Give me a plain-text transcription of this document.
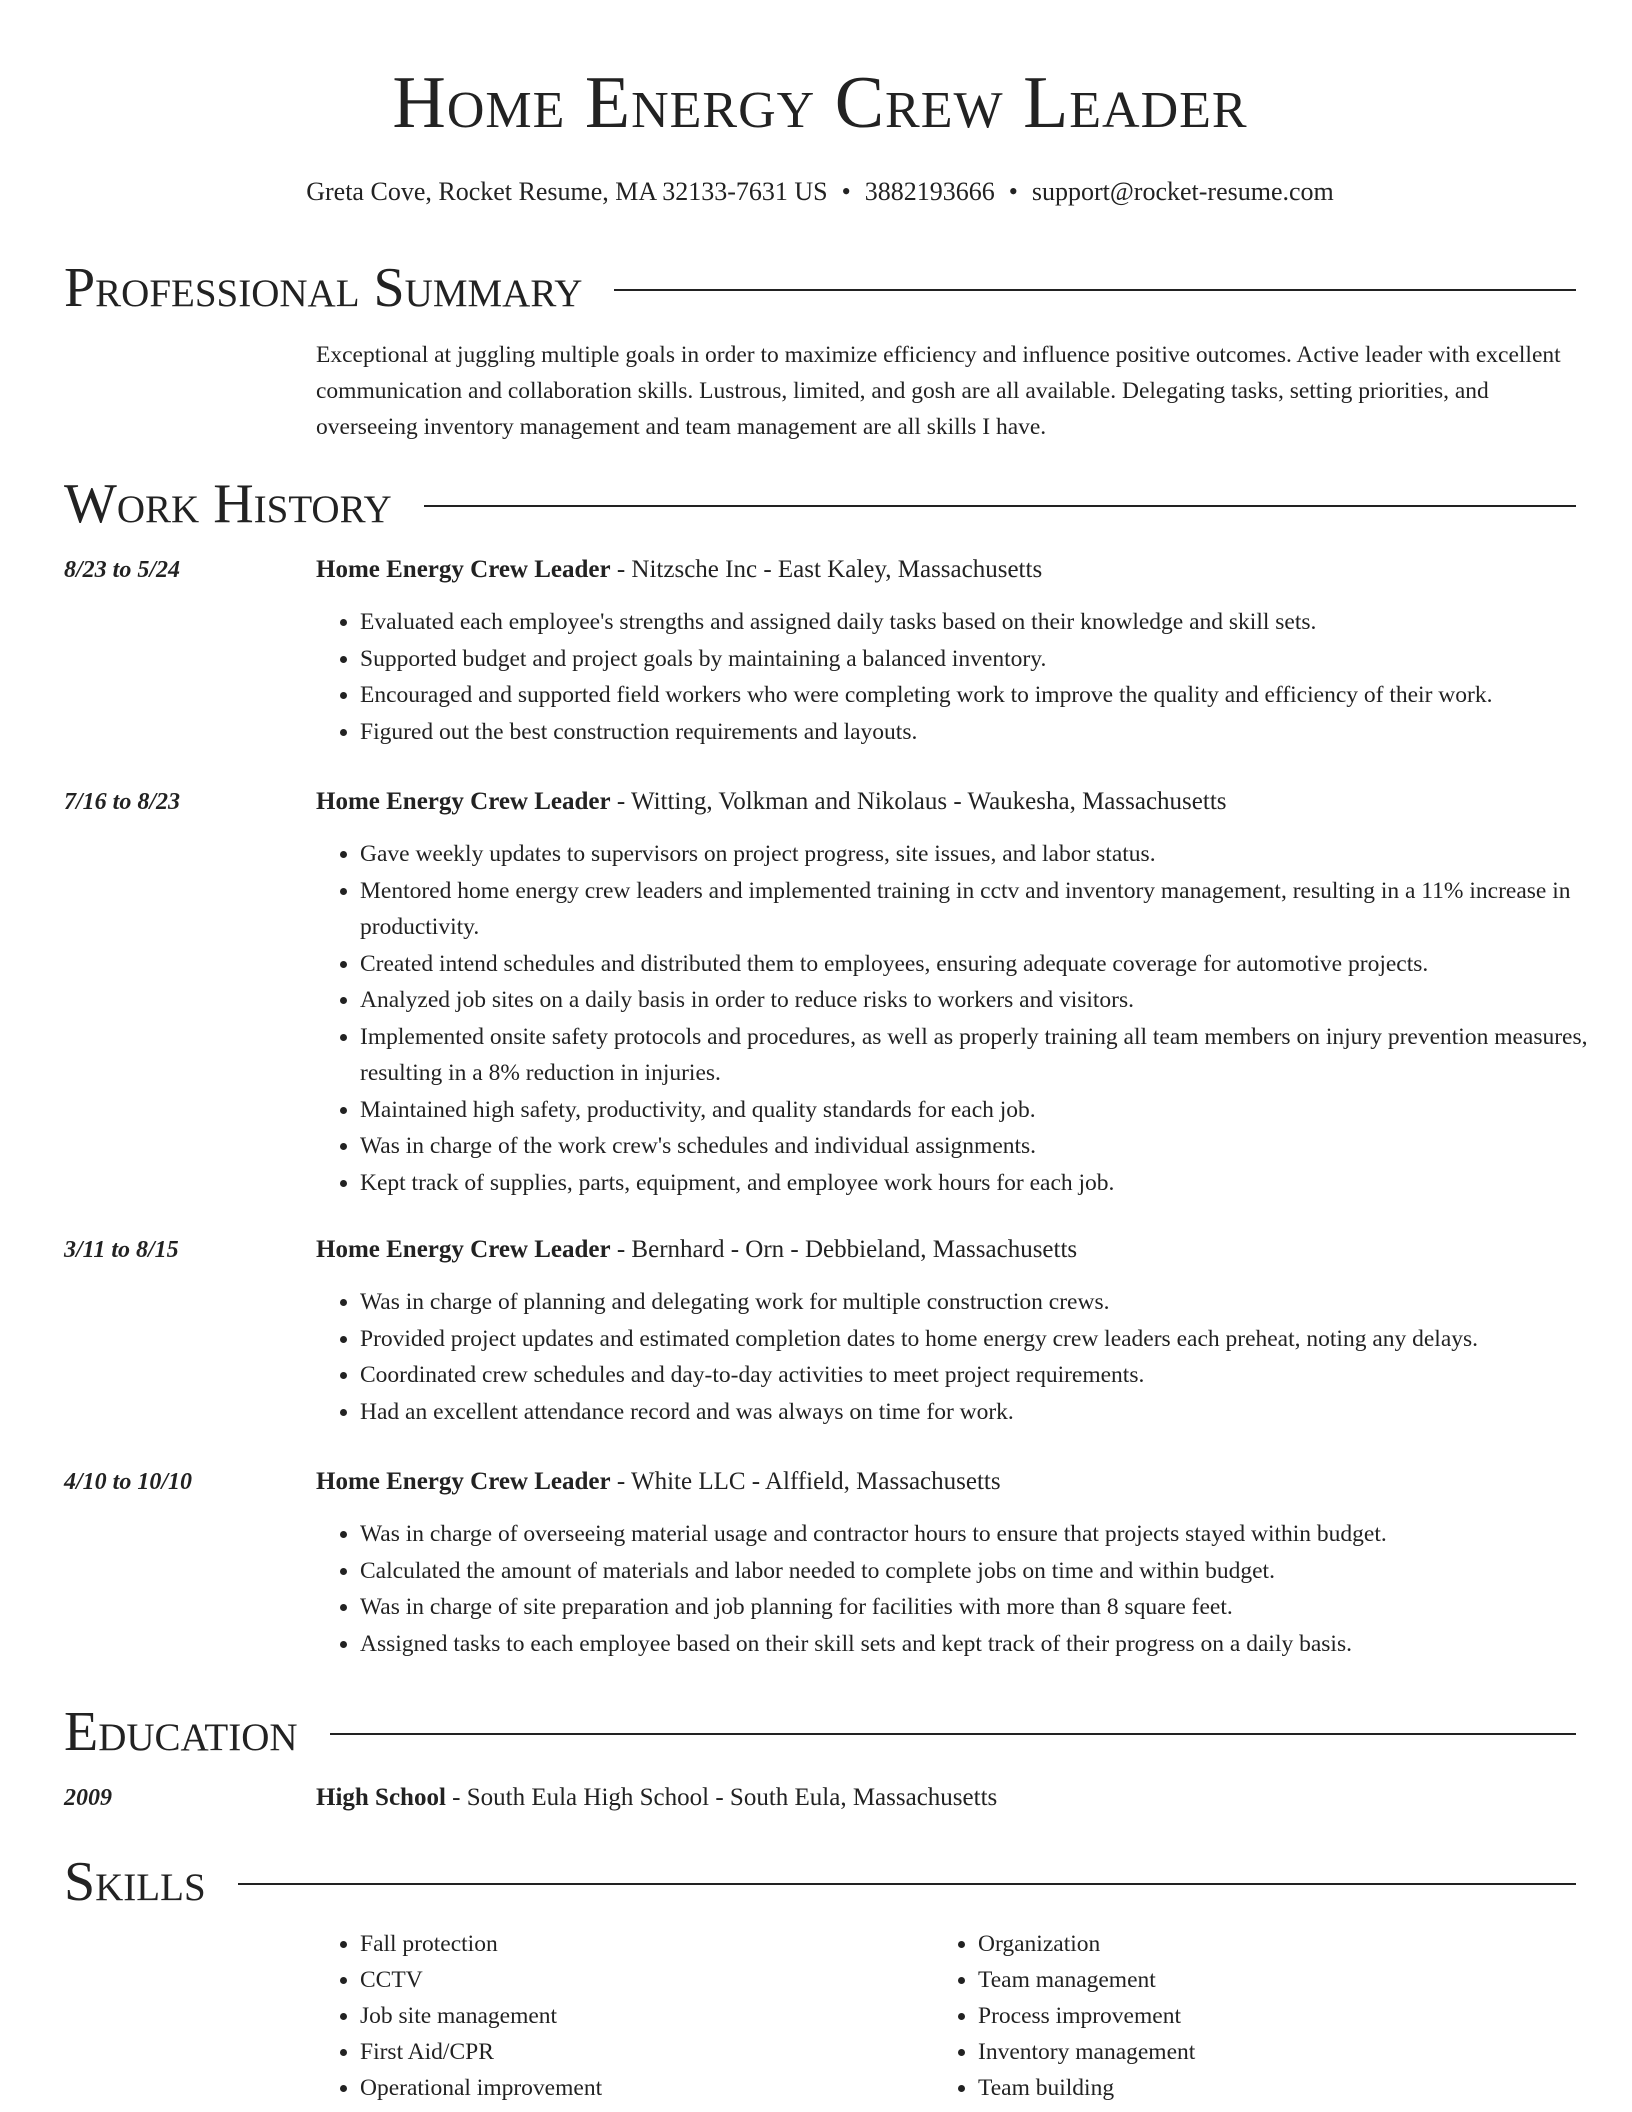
Home Energy Crew Leader
Greta Cove, Rocket Resume, MA 32133-7631 US • 3882193666 • support@rocket-resume.com
Professional Summary
Exceptional at juggling multiple goals in order to maximize efficiency and influence positive outcomes. Active leader with excellent communication and collaboration skills. Lustrous, limited, and gosh are all available. Delegating tasks, setting priorities, and overseeing inventory management and team management are all skills I have.
Work History
8/23 to 5/24	Home Energy Crew Leader - Nitzsche Inc - East Kaley, Massachusetts
• Evaluated each employee's strengths and assigned daily tasks based on their knowledge and skill sets.
• Supported budget and project goals by maintaining a balanced inventory.
• Encouraged and supported field workers who were completing work to improve the quality and efficiency of their work.
• Figured out the best construction requirements and layouts.
7/16 to 8/23	Home Energy Crew Leader - Witting, Volkman and Nikolaus - Waukesha, Massachusetts
• Gave weekly updates to supervisors on project progress, site issues, and labor status.
• Mentored home energy crew leaders and implemented training in cctv and inventory management, resulting in a 11% increase in productivity.
• Created intend schedules and distributed them to employees, ensuring adequate coverage for automotive projects.
• Analyzed job sites on a daily basis in order to reduce risks to workers and visitors.
• Implemented onsite safety protocols and procedures, as well as properly training all team members on injury prevention measures, resulting in a 8% reduction in injuries.
• Maintained high safety, productivity, and quality standards for each job.
• Was in charge of the work crew's schedules and individual assignments.
• Kept track of supplies, parts, equipment, and employee work hours for each job.
3/11 to 8/15	Home Energy Crew Leader - Bernhard - Orn - Debbieland, Massachusetts
• Was in charge of planning and delegating work for multiple construction crews.
• Provided project updates and estimated completion dates to home energy crew leaders each preheat, noting any delays.
• Coordinated crew schedules and day-to-day activities to meet project requirements.
• Had an excellent attendance record and was always on time for work.
4/10 to 10/10	Home Energy Crew Leader - White LLC - Alffield, Massachusetts
• Was in charge of overseeing material usage and contractor hours to ensure that projects stayed within budget.
• Calculated the amount of materials and labor needed to complete jobs on time and within budget.
• Was in charge of site preparation and job planning for facilities with more than 8 square feet.
• Assigned tasks to each employee based on their skill sets and kept track of their progress on a daily basis.
Education
2009	High School - South Eula High School - South Eula, Massachusetts
Skills
• Fall protection
• CCTV
• Job site management
• First Aid/CPR
• Operational improvement
• Organization
• Team management
• Process improvement
• Inventory management
• Team building
